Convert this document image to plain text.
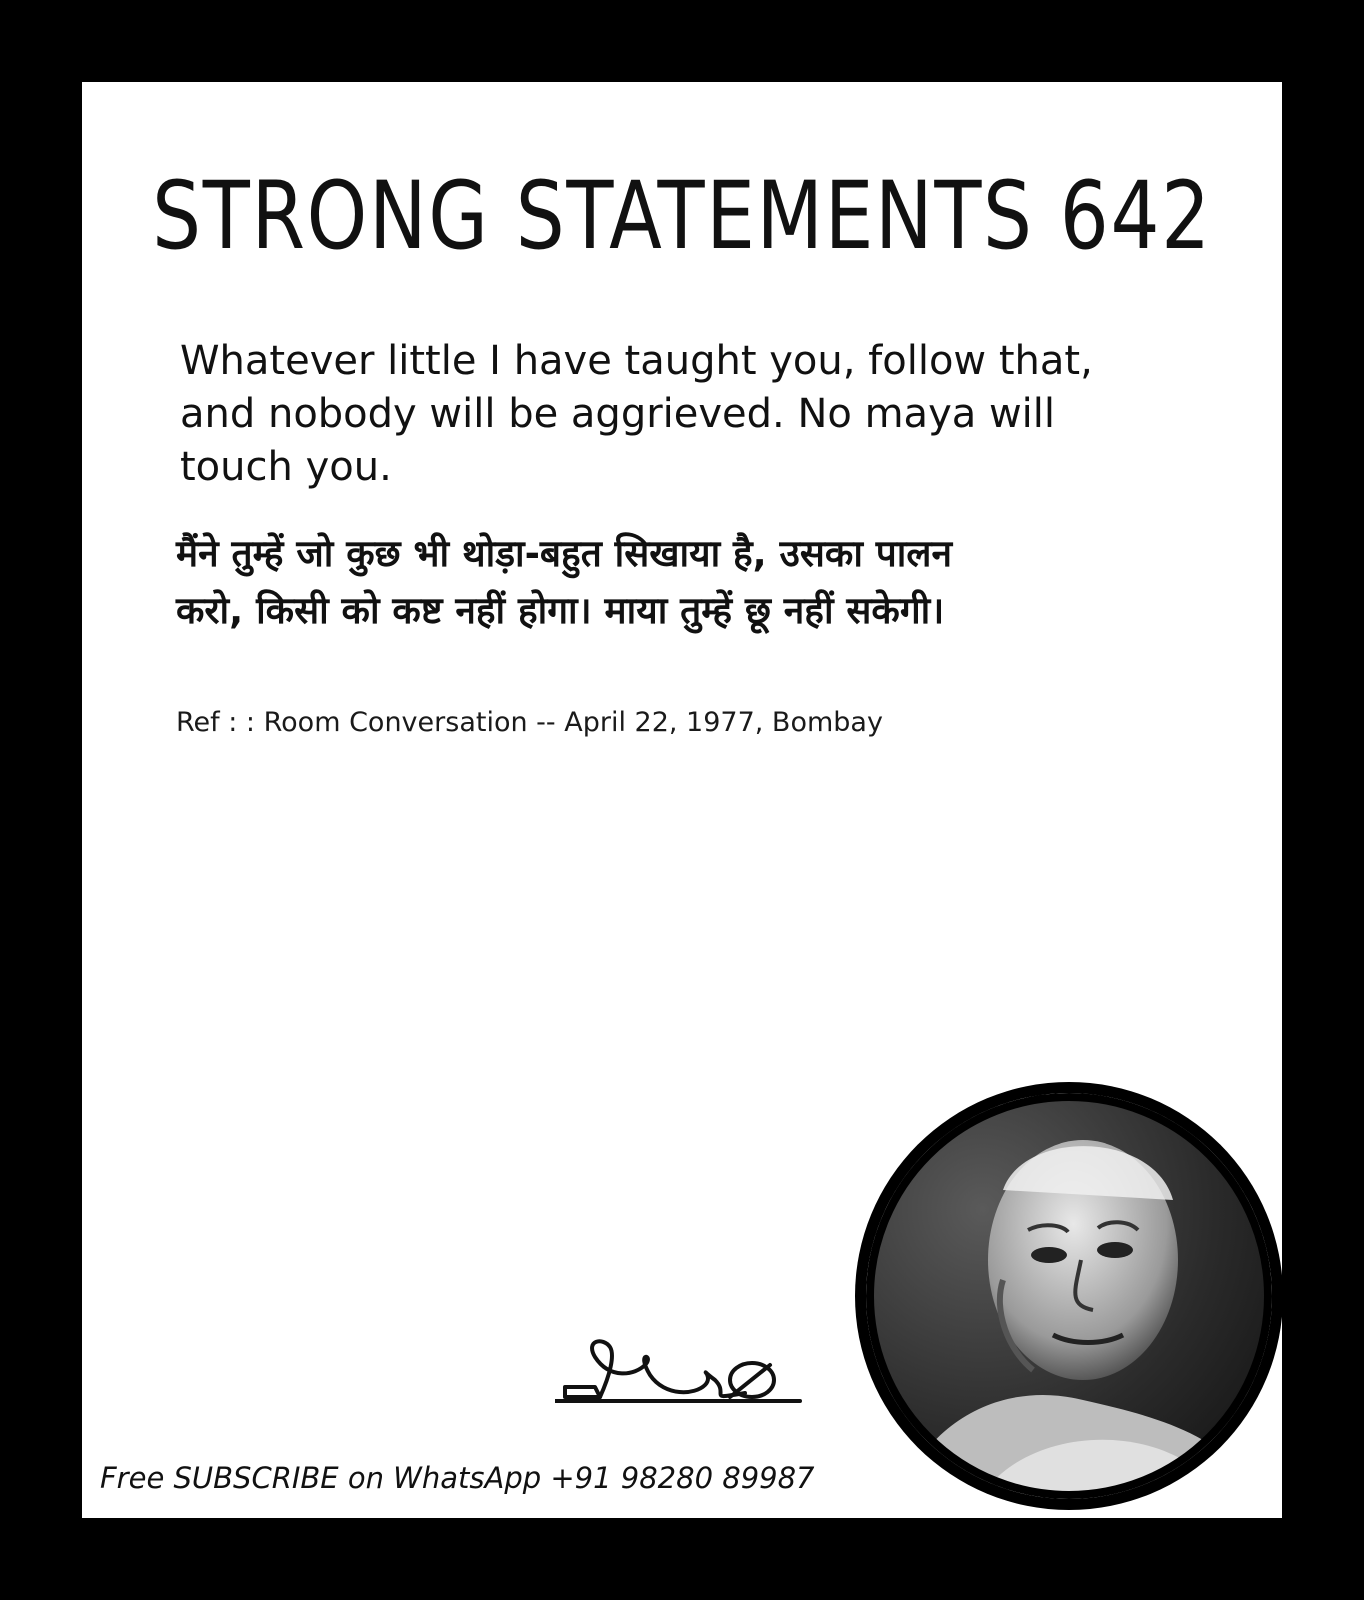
STRONG STATEMENTS 642

Whatever little I have taught you, follow that, and nobody will be aggrieved. No maya will touch you.

मैंने तुम्हें जो कुछ भी थोड़ा-बहुत सिखाया है, उसका पालन
करो, किसी को कष्ट नहीं होगा। माया तुम्हें छू नहीं सकेगी।

Ref : : Room Conversation -- April 22, 1977, Bombay

Free SUBSCRIBE on WhatsApp +91 98280 89987
